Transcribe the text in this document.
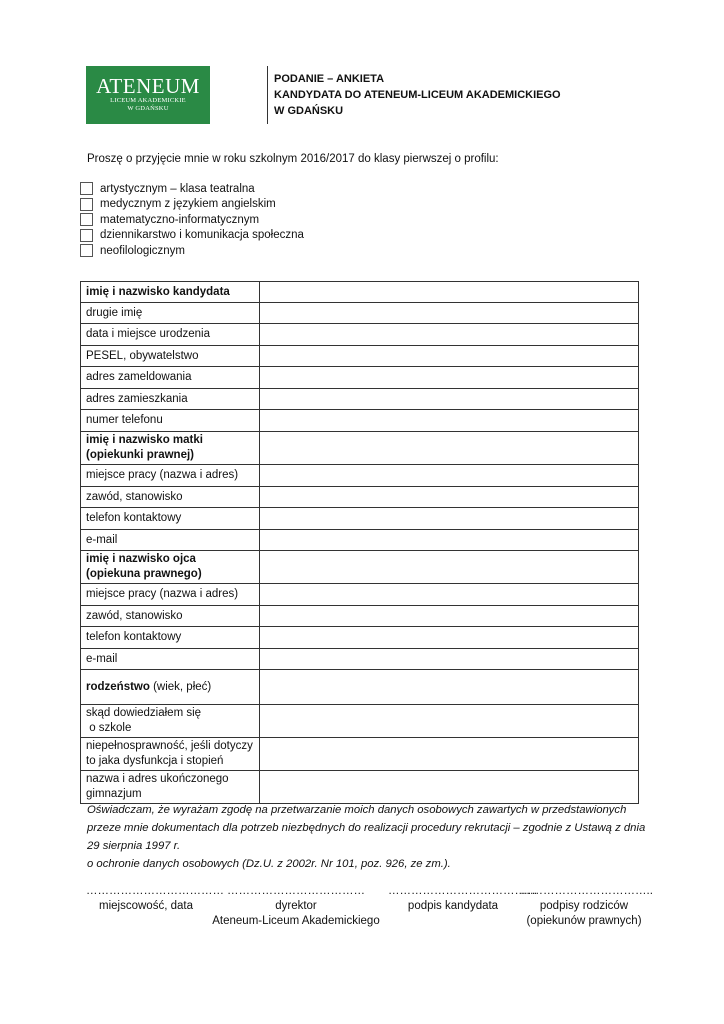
ATENEUM
LICEUM AKADEMICKIE
W GDAŃSKU
PODANIE – ANKIETA
KANDYDATA DO ATENEUM-LICEUM AKADEMICKIEGO
W GDAŃSKU
Proszę o przyjęcie mnie w roku szkolnym 2016/2017 do klasy pierwszej o profilu:
artystycznym – klasa teatralna
medycznym z językiem angielskim
matematyczno-informatycznym
dziennikarstwo i komunikacja społeczna
neofilologicznym
imię i nazwisko kandydata	
drugie imię	
data i miejsce urodzenia	
PESEL, obywatelstwo	
adres zameldowania	
adres zamieszkania	
numer telefonu	

imię i nazwisko matki
(opiekunki prawnej)	

miejsce pracy (nazwa i adres)	
zawód, stanowisko	
telefon kontaktowy	
e-mail	

imię i nazwisko ojca
(opiekuna prawnego)	

miejsce pracy (nazwa i adres)	
zawód, stanowisko	
telefon kontaktowy	
e-mail	
rodzeństwo (wiek, płeć)	

skąd dowiedziałem się
o szkole	

niepełnosprawność, jeśli dotyczy
to jaka dysfunkcja i stopień	

nazwa i adres ukończonego
gimnazjum	

Oświadczam, że wyrażam zgodę na przetwarzanie moich danych osobowych zawartych w przedstawionych
przeze mnie dokumentach dla potrzeb niezbędnych do realizacji procedury rekrutacji – zgodnie z Ustawą z dnia
29 sierpnia 1997 r.
o ochronie danych osobowych (Dz.U. z 2002r. Nr 101, poz. 926, ze zm.).
………………………………
miejscowość, data
………………………………
dyrektor
Ateneum-Liceum Akademickiego
…………………………………
podpis kandydata
……………………………..
podpisy rodziców
(opiekunów prawnych)
